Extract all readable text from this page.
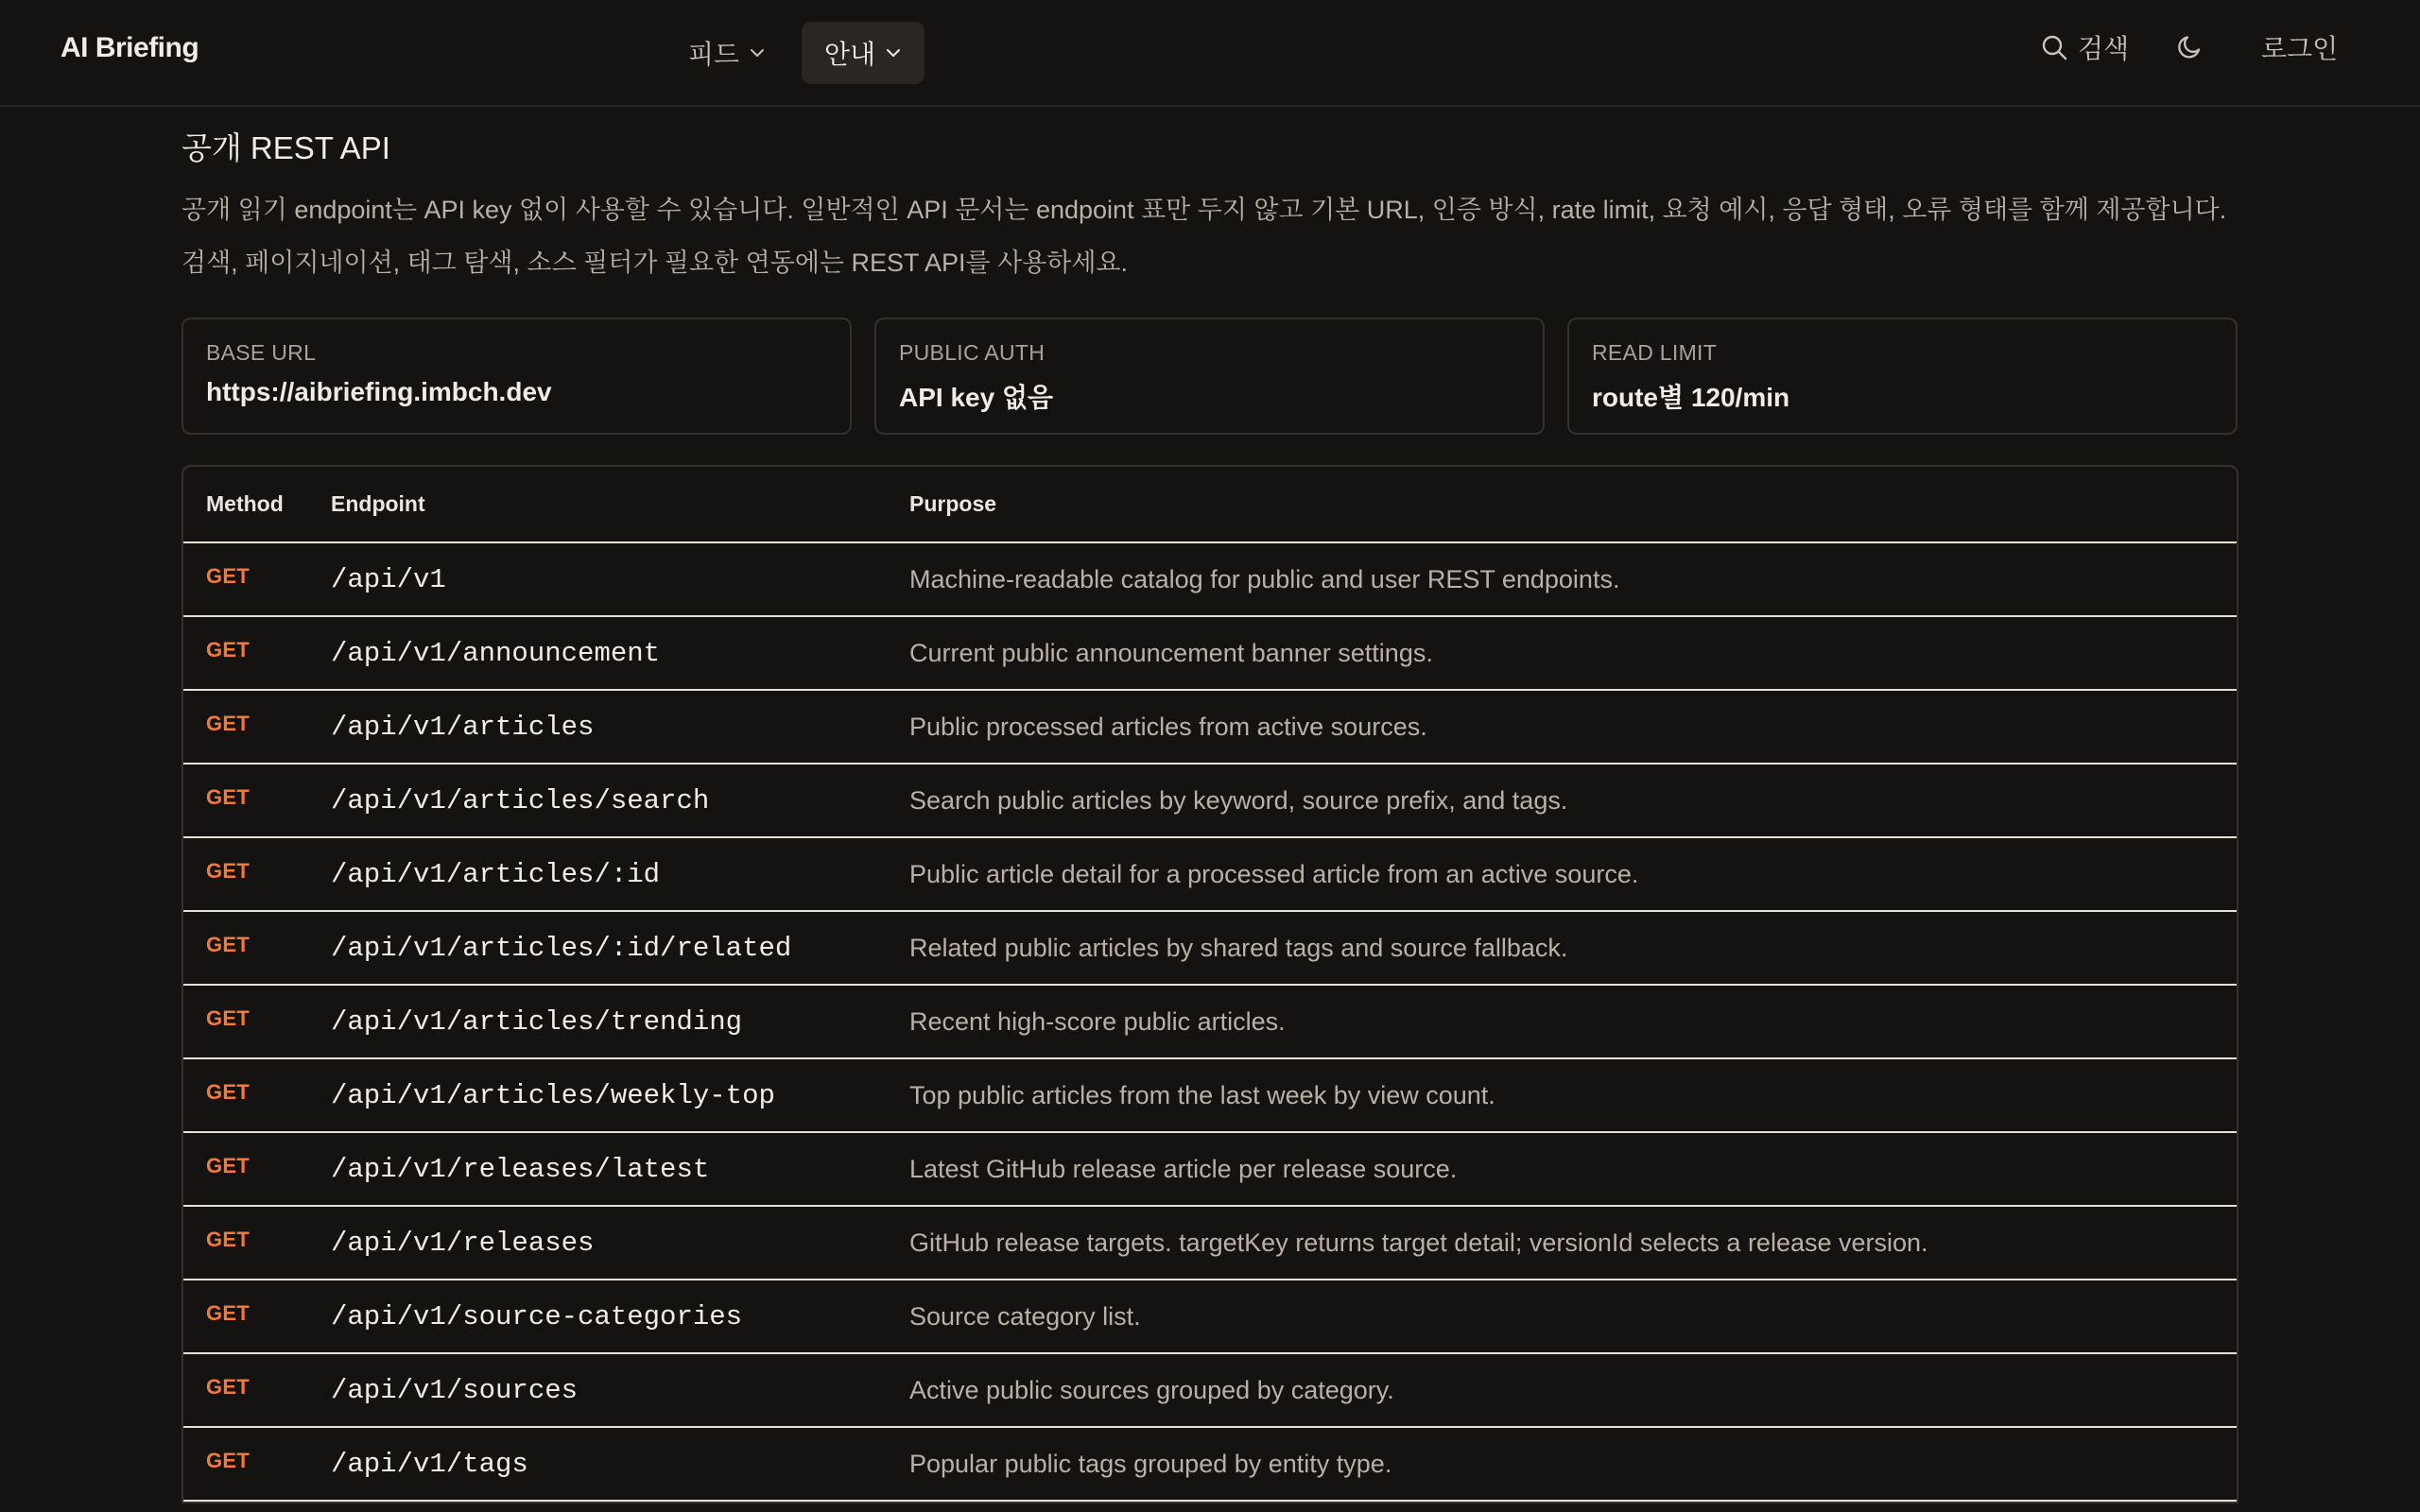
AI Briefing	피드	안내	검색	로그인
공개 REST API
공개 읽기 endpoint는 API key 없이 사용할 수 있습니다. 일반적인 API 문서는 endpoint 표만 두지 않고 기본 URL, 인증 방식, rate limit, 요청 예시, 응답 형태, 오류 형태를 함께 제공합니다.
검색, 페이지네이션, 태그 탐색, 소스 필터가 필요한 연동에는 REST API를 사용하세요.
BASE URL
https://aibriefing.imbch.dev
PUBLIC AUTH
API key 없음
READ LIMIT
route별 120/min
Method	Endpoint	Purpose
GET	/api/v1	Machine-readable catalog for public and user REST endpoints.
GET	/api/v1/announcement	Current public announcement banner settings.
GET	/api/v1/articles	Public processed articles from active sources.
GET	/api/v1/articles/search	Search public articles by keyword, source prefix, and tags.
GET	/api/v1/articles/:id	Public article detail for a processed article from an active source.
GET	/api/v1/articles/:id/related	Related public articles by shared tags and source fallback.
GET	/api/v1/articles/trending	Recent high-score public articles.
GET	/api/v1/articles/weekly-top	Top public articles from the last week by view count.
GET	/api/v1/releases/latest	Latest GitHub release article per release source.
GET	/api/v1/releases	GitHub release targets. targetKey returns target detail; versionId selects a release version.
GET	/api/v1/source-categories	Source category list.
GET	/api/v1/sources	Active public sources grouped by category.
GET	/api/v1/tags	Popular public tags grouped by entity type.
